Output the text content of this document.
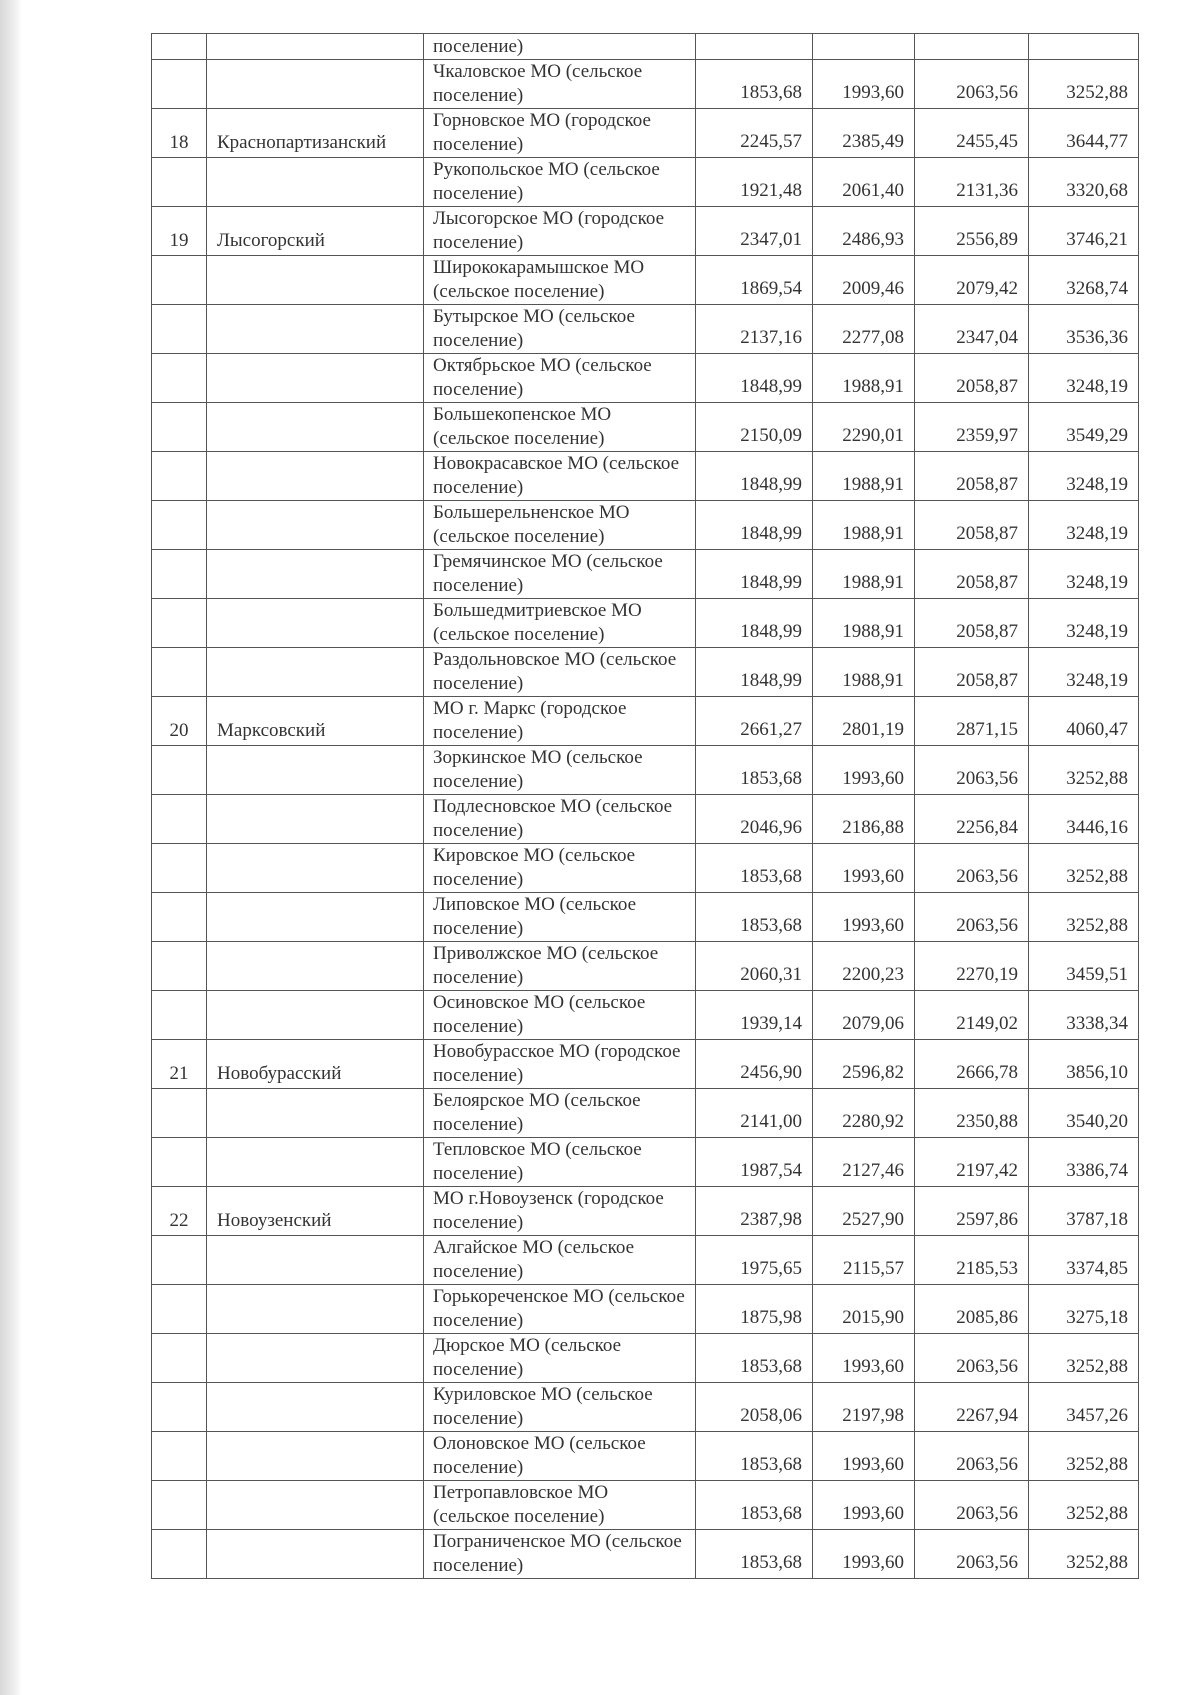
		поселение)				
		Чкаловское МО (сельское поселение)	1853,68	1993,60	2063,56	3252,88
18	Краснопартизанский	Горновское МО (городское поселение)	2245,57	2385,49	2455,45	3644,77
		Рукопольское МО (сельское поселение)	1921,48	2061,40	2131,36	3320,68
19	Лысогорский	Лысогорское МО (городское поселение)	2347,01	2486,93	2556,89	3746,21
		Ширококарамышское МО (сельское поселение)	1869,54	2009,46	2079,42	3268,74
		Бутырское МО (сельское поселение)	2137,16	2277,08	2347,04	3536,36
		Октябрьское МО (сельское поселение)	1848,99	1988,91	2058,87	3248,19
		Большекопенское МО (сельское поселение)	2150,09	2290,01	2359,97	3549,29
		Новокрасавское МО (сельское поселение)	1848,99	1988,91	2058,87	3248,19
		Большерельненское МО (сельское поселение)	1848,99	1988,91	2058,87	3248,19
		Гремячинское МО (сельское поселение)	1848,99	1988,91	2058,87	3248,19
		Большедмитриевское МО (сельское поселение)	1848,99	1988,91	2058,87	3248,19
		Раздольновское МО (сельское поселение)	1848,99	1988,91	2058,87	3248,19
20	Марксовский	МО г. Маркс (городское поселение)	2661,27	2801,19	2871,15	4060,47
		Зоркинское МО (сельское поселение)	1853,68	1993,60	2063,56	3252,88
		Подлесновское МО (сельское поселение)	2046,96	2186,88	2256,84	3446,16
		Кировское МО (сельское поселение)	1853,68	1993,60	2063,56	3252,88
		Липовское МО (сельское поселение)	1853,68	1993,60	2063,56	3252,88
		Приволжское МО (сельское поселение)	2060,31	2200,23	2270,19	3459,51
		Осиновское МО (сельское поселение)	1939,14	2079,06	2149,02	3338,34
21	Новобурасский	Новобурасское МО (городское поселение)	2456,90	2596,82	2666,78	3856,10
		Белоярское МО (сельское поселение)	2141,00	2280,92	2350,88	3540,20
		Тепловское МО (сельское поселение)	1987,54	2127,46	2197,42	3386,74
22	Новоузенский	МО г.Новоузенск (городское поселение)	2387,98	2527,90	2597,86	3787,18
		Алгайское МО (сельское поселение)	1975,65	2115,57	2185,53	3374,85
		Горькореченское МО (сельское поселение)	1875,98	2015,90	2085,86	3275,18
		Дюрское МО (сельское поселение)	1853,68	1993,60	2063,56	3252,88
		Куриловское МО (сельское поселение)	2058,06	2197,98	2267,94	3457,26
		Олоновское МО (сельское поселение)	1853,68	1993,60	2063,56	3252,88
		Петропавловское МО (сельское поселение)	1853,68	1993,60	2063,56	3252,88
		Пограниченское МО (сельское поселение)	1853,68	1993,60	2063,56	3252,88
